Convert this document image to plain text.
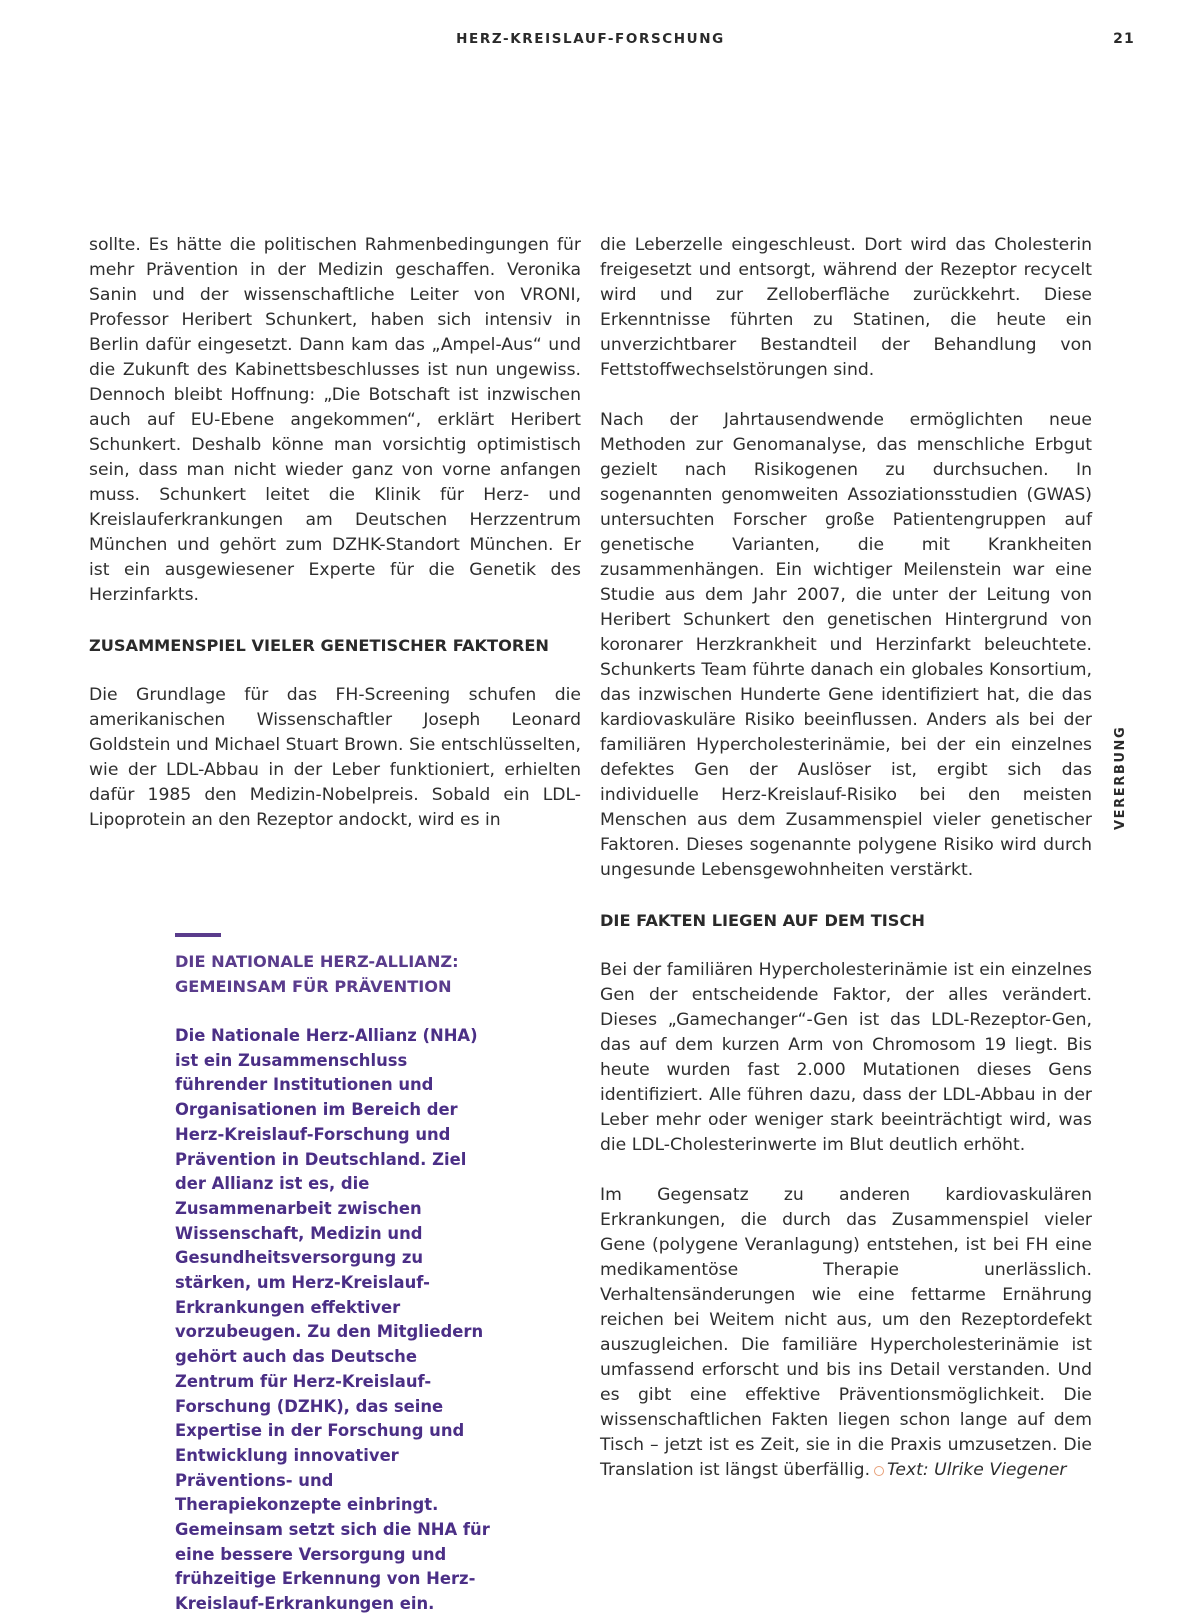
HERZ-KREISLAUF-FORSCHUNG	21

sollte. Es hätte die politischen Rahmenbedingungen für mehr Prävention in der Medizin geschaffen. Veronika Sanin und der wissenschaftliche Leiter von VRONI, Professor Heribert Schunkert, haben sich intensiv in Berlin dafür eingesetzt. Dann kam das „Ampel-Aus“ und die Zukunft des Kabinettsbeschlusses ist nun ungewiss. Dennoch bleibt Hoffnung: „Die Botschaft ist inzwischen auch auf EU-Ebene angekommen“, erklärt Heribert Schunkert. Deshalb könne man vorsichtig optimistisch sein, dass man nicht wieder ganz von vorne anfangen muss. Schunkert leitet die Klinik für Herz- und Kreislauferkrankungen am Deutschen Herzzentrum München und gehört zum DZHK-Standort München. Er ist ein ausgewiesener Experte für die Genetik des Herzinfarkts.

ZUSAMMENSPIEL VIELER GENETISCHER FAKTOREN

Die Grundlage für das FH-Screening schufen die amerikanischen Wissenschaftler Joseph Leonard Goldstein und Michael Stuart Brown. Sie entschlüsselten, wie der LDL-Abbau in der Leber funktioniert, erhielten dafür 1985 den Medizin-Nobelpreis. Sobald ein LDL-Lipoprotein an den Rezeptor andockt, wird es in

die Leberzelle eingeschleust. Dort wird das Cholesterin freigesetzt und entsorgt, während der Rezeptor recycelt wird und zur Zelloberfläche zurückkehrt. Diese Erkenntnisse führten zu Statinen, die heute ein unverzichtbarer Bestandteil der Behandlung von Fettstoffwechselstörungen sind.

Nach der Jahrtausendwende ermöglichten neue Methoden zur Genomanalyse, das menschliche Erbgut gezielt nach Risikogenen zu durchsuchen. In sogenannten genomweiten Assoziationsstudien (GWAS) untersuchten Forscher große Patientengruppen auf genetische Varianten, die mit Krankheiten zusammenhängen. Ein wichtiger Meilenstein war eine Studie aus dem Jahr 2007, die unter der Leitung von Heribert Schunkert den genetischen Hintergrund von koronarer Herzkrankheit und Herzinfarkt beleuchtete. Schunkerts Team führte danach ein globales Konsortium, das inzwischen Hunderte Gene identifiziert hat, die das kardiovaskuläre Risiko beeinflussen. Anders als bei der familiären Hypercholesterinämie, bei der ein einzelnes defektes Gen der Auslöser ist, ergibt sich das individuelle Herz-Kreislauf-Risiko bei den meisten Menschen aus dem Zusammenspiel vieler genetischer Faktoren. Dieses sogenannte polygene Risiko wird durch ungesunde Lebensgewohnheiten verstärkt.

DIE FAKTEN LIEGEN AUF DEM TISCH

Bei der familiären Hypercholesterinämie ist ein einzelnes Gen der entscheidende Faktor, der alles verändert. Dieses „Gamechanger“-Gen ist das LDL-Rezeptor-Gen, das auf dem kurzen Arm von Chromosom 19 liegt. Bis heute wurden fast 2.000 Mutationen dieses Gens identifiziert. Alle führen dazu, dass der LDL-Abbau in der Leber mehr oder weniger stark beeinträchtigt wird, was die LDL-Cholesterinwerte im Blut deutlich erhöht.

Im Gegensatz zu anderen kardiovaskulären Erkrankungen, die durch das Zusammenspiel vieler Gene (polygene Veranlagung) entstehen, ist bei FH eine medikamentöse Therapie unerlässlich. Verhaltensänderungen wie eine fettarme Ernährung reichen bei Weitem nicht aus, um den Rezeptordefekt auszugleichen. Die familiäre Hypercholesterinämie ist umfassend erforscht und bis ins Detail verstanden. Und es gibt eine effektive Präventionsmöglichkeit. Die wissenschaftlichen Fakten liegen schon lange auf dem Tisch – jetzt ist es Zeit, sie in die Praxis umzusetzen. Die Translation ist längst überfällig. Text: Ulrike Viegener

DIE NATIONALE HERZ-ALLIANZ:
GEMEINSAM FÜR PRÄVENTION

Die Nationale Herz-Allianz (NHA) ist ein Zusammenschluss führender Institutionen und Organisationen im Bereich der Herz-Kreislauf-Forschung und Prävention in Deutschland. Ziel der Allianz ist es, die Zusammenarbeit zwischen Wissenschaft, Medizin und Gesundheitsversorgung zu stärken, um Herz-Kreislauf-Erkrankungen effektiver vorzubeugen. Zu den Mitgliedern gehört auch das Deutsche Zentrum für Herz-Kreislauf-Forschung (DZHK), das seine Expertise in der Forschung und Entwicklung innovativer Präventions- und Therapiekonzepte einbringt. Gemeinsam setzt sich die NHA für eine bessere Versorgung und frühzeitige Erkennung von Herz-Kreislauf-Erkrankungen ein.

VERERBUNG
